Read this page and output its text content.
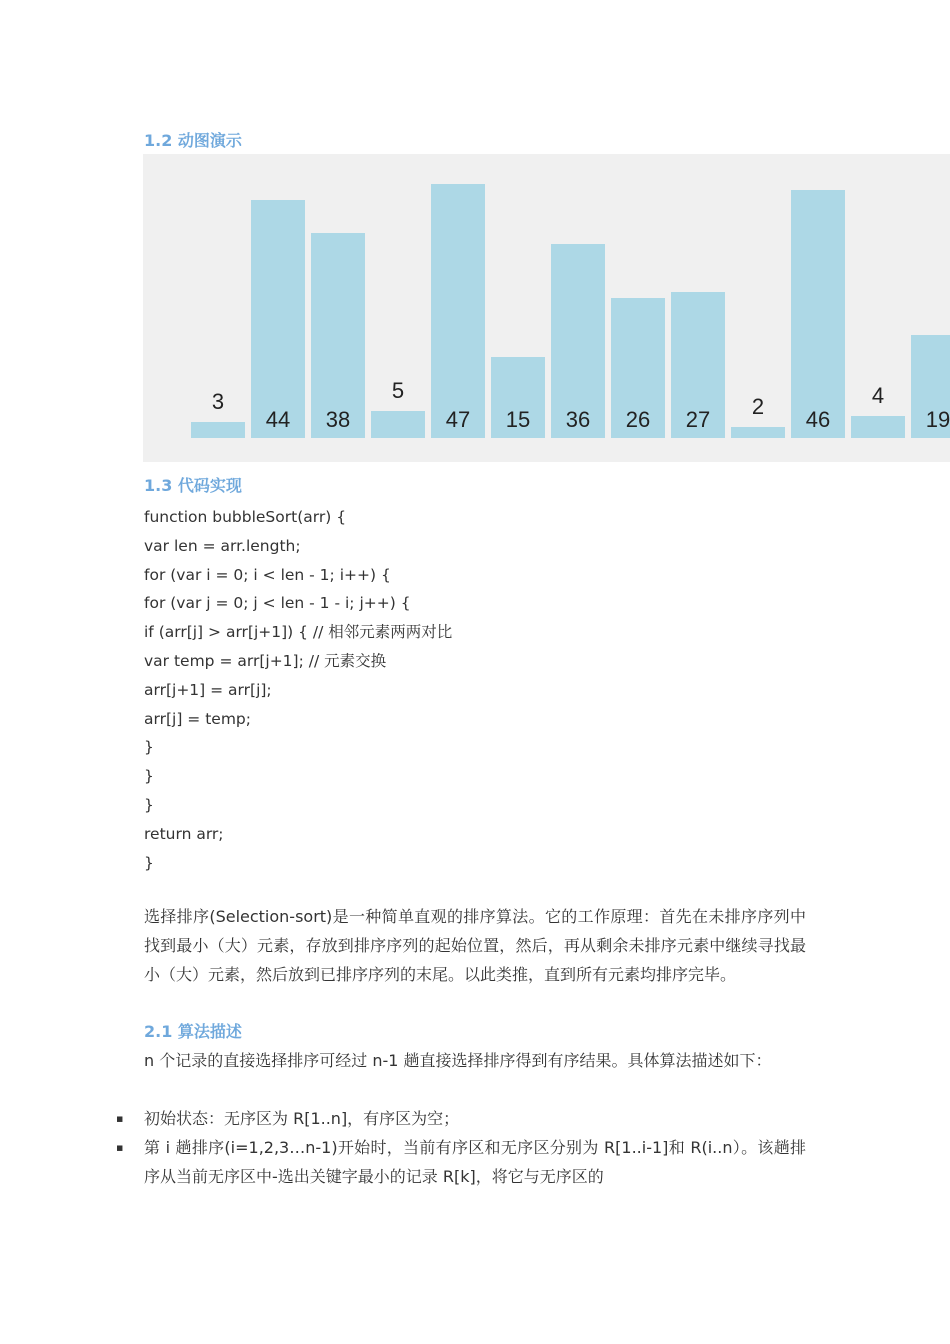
1.2 动图演示
3
44	38
5
47	15	36	26	27
2
46
4
19
1.3 代码实现
function bubbleSort(arr) {
var len = arr.length;
for (var i = 0; i < len - 1; i++) {
for (var j = 0; j < len - 1 - i; j++) {
if (arr[j] > arr[j+1]) { // 相邻元素两两对比
var temp = arr[j+1]; // 元素交换
arr[j+1] = arr[j];
arr[j] = temp;
}
}
}
return arr;
}

选择排序(Selection-sort)是一种简单直观的排序算法。它的工作原理：首先在未排序序列中找到最小（大）元素，存放到排序序列的起始位置，然后，再从剩余未排序元素中继续寻找最小（大）元素，然后放到已排序序列的末尾。以此类推，直到所有元素均排序完毕。

2.1 算法描述

n 个记录的直接选择排序可经过 n-1 趟直接选择排序得到有序结果。具体算法描述如下：

▪ 初始状态：无序区为 R[1..n]，有序区为空；

▪ 第 i 趟排序(i=1,2,3…n-1)开始时，当前有序区和无序区分别为 R[1..i-1]和 R(i..n）。该趟排序从当前无序区中-选出关键字最小的记录 R[k]，将它与无序区的
